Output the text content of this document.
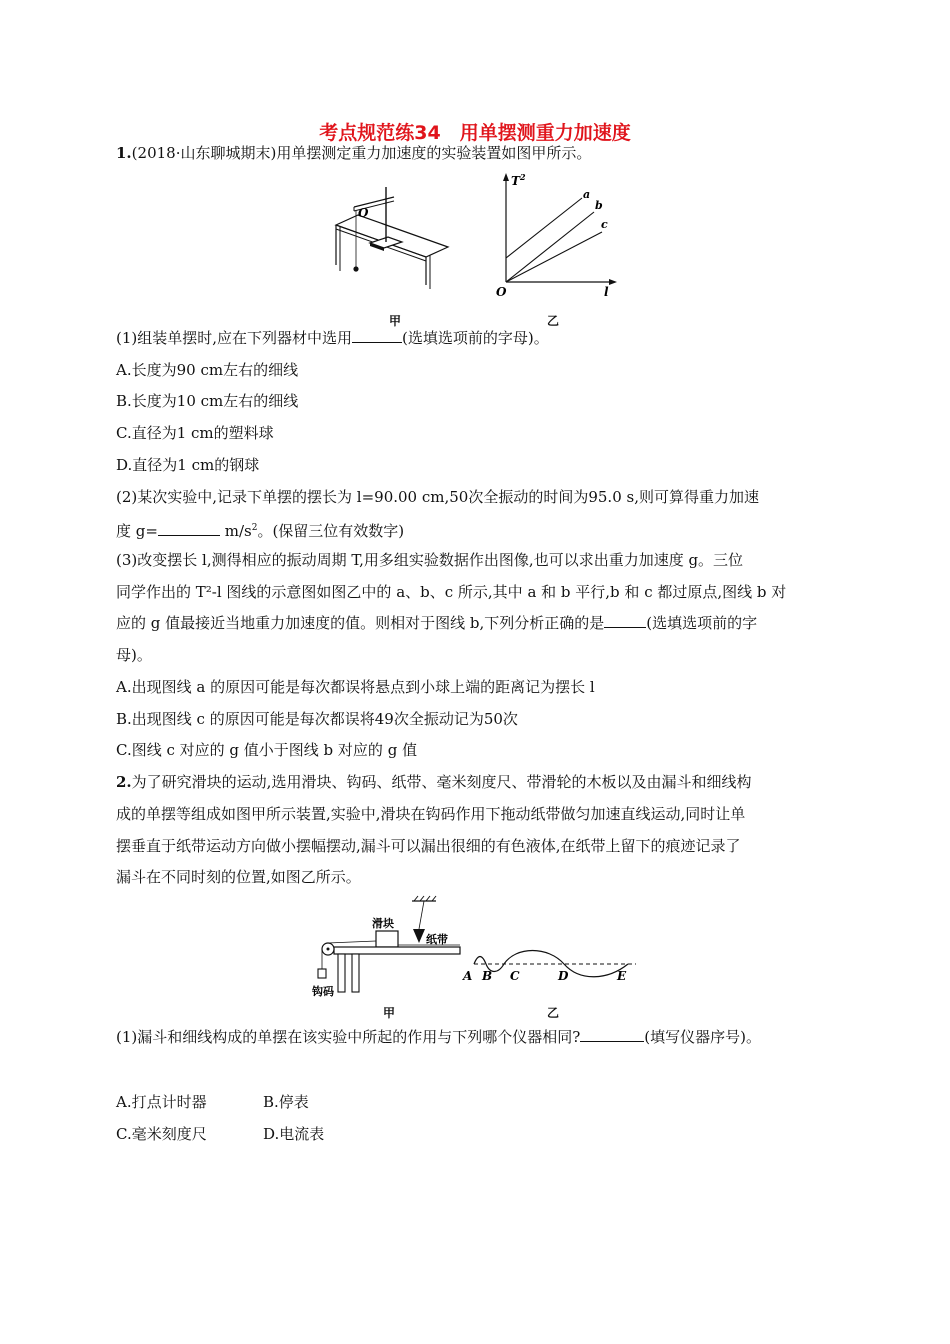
考点规范练34　用单摆测重力加速度
1.(2018·山东聊城期末)用单摆测定重力加速度的实验装置如图甲所示。
O
甲
$T^2$
l
O
a
b
c
乙
(1)组装单摆时,应在下列器材中选用	(选填选项前的字母)。
A.长度为90 cm左右的细线
B.长度为10 cm左右的细线
C.直径为1 cm的塑料球
D.直径为1 cm的钢球
(2)某次实验中,记录下单摆的摆长为 l=90.00 cm,50次全振动的时间为95.0 s,则可算得重力加速
度 g=	$m/s^2$。(保留三位有效数字)
(3)改变摆长 l,测得相应的振动周期 T,用多组实验数据作出图像,也可以求出重力加速度 g。三位
同学作出的 T²-l 图线的示意图如图乙中的 a、b、c 所示,其中 a 和 b 平行,b 和 c 都过原点,图线 b 对
应的 g 值最接近当地重力加速度的值。则相对于图线 b,下列分析正确的是	(选填选项前的字
母)。
A.出现图线 a 的原因可能是每次都误将悬点到小球上端的距离记为摆长 l
B.出现图线 c 的原因可能是每次都误将49次全振动记为50次
C.图线 c 对应的 g 值小于图线 b 对应的 g 值
2.为了研究滑块的运动,选用滑块、钩码、纸带、毫米刻度尺、带滑轮的木板以及由漏斗和细线构
成的单摆等组成如图甲所示装置,实验中,滑块在钩码作用下拖动纸带做匀加速直线运动,同时让单
摆垂直于纸带运动方向做小摆幅摆动,漏斗可以漏出很细的有色液体,在纸带上留下的痕迹记录了
漏斗在不同时刻的位置,如图乙所示。
滑块
纸带
钩码
甲
A B C	D	E
乙
(1)漏斗和细线构成的单摆在该实验中所起的作用与下列哪个仪器相同?	(填写仪器序号)。
A.打点计时器	B.停表
C.毫米刻度尺	D.电流表
